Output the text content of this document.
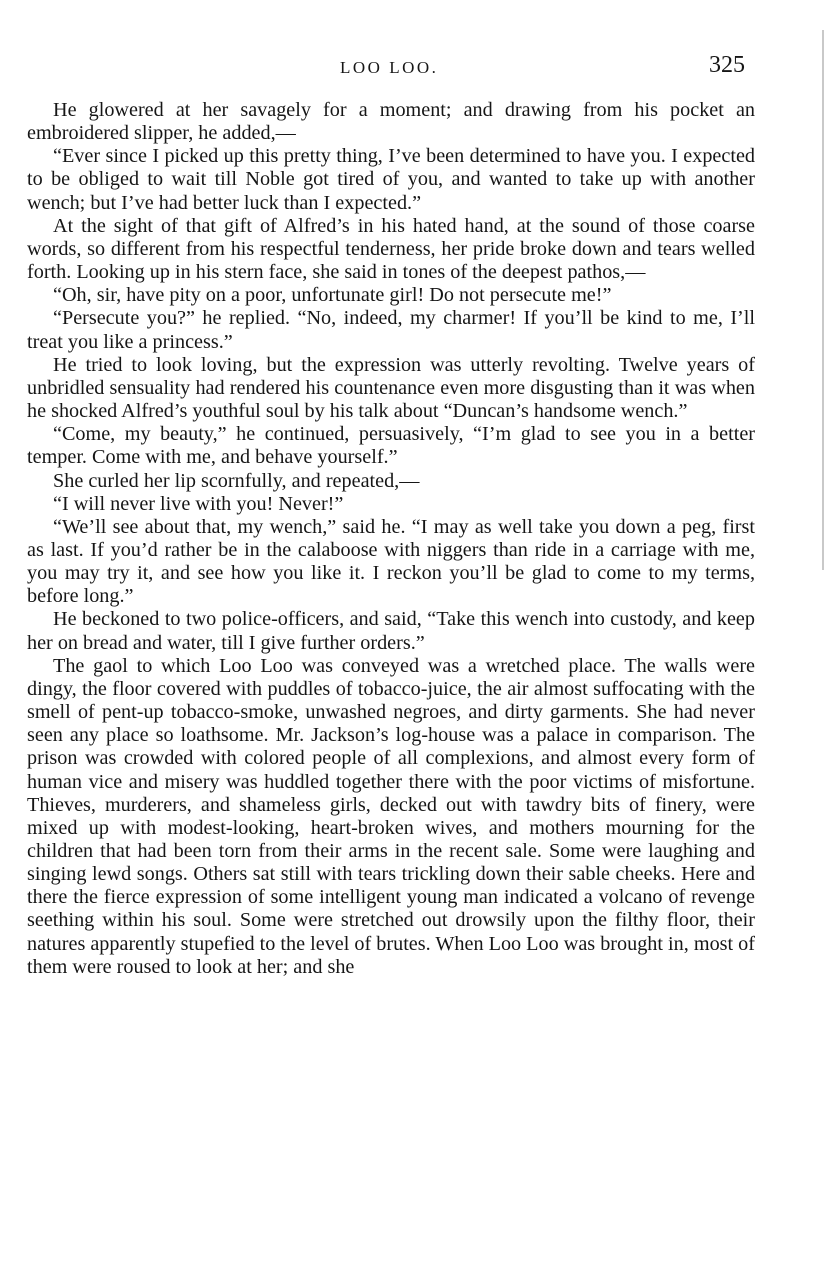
LOO LOO.	325

He glowered at her savagely for a moment; and drawing from his pocket an embroidered slipper, he added,—

“Ever since I picked up this pretty thing, I’ve been determined to have you. I expected to be obliged to wait till Noble got tired of you, and wanted to take up with another wench; but I’ve had better luck than I expected.”

At the sight of that gift of Alfred’s in his hated hand, at the sound of those coarse words, so different from his respectful tenderness, her pride broke down and tears welled forth. Looking up in his stern face, she said in tones of the deepest pathos,—

“Oh, sir, have pity on a poor, unfortunate girl! Do not persecute me!”

“Persecute you?” he replied. “No, indeed, my charmer! If you’ll be kind to me, I’ll treat you like a princess.”

He tried to look loving, but the expression was utterly revolting. Twelve years of unbridled sensuality had rendered his countenance even more disgusting than it was when he shocked Alfred’s youthful soul by his talk about “Duncan’s handsome wench.”

“Come, my beauty,” he continued, persuasively, “I’m glad to see you in a better temper. Come with me, and behave yourself.”

She curled her lip scornfully, and repeated,—

“I will never live with you! Never!”

“We’ll see about that, my wench,” said he. “I may as well take you down a peg, first as last. If you’d rather be in the calaboose with niggers than ride in a carriage with me, you may try it, and see how you like it. I reckon you’ll be glad to come to my terms, before long.”

He beckoned to two police-officers, and said, “Take this wench into custody, and keep her on bread and water, till I give further orders.”

The gaol to which Loo Loo was conveyed was a wretched place. The walls were dingy, the floor covered with puddles of tobacco-juice, the air almost suffocating with the smell of pent-up tobacco-smoke, unwashed negroes, and dirty garments. She had never seen any place so loathsome. Mr. Jackson’s log-house was a palace in comparison. The prison was crowded with colored people of all complexions, and almost every form of human vice and misery was huddled together there with the poor victims of misfortune. Thieves, murderers, and shameless girls, decked out with tawdry bits of finery, were mixed up with modest-looking, heart-broken wives, and mothers mourning for the children that had been torn from their arms in the recent sale. Some were laughing and singing lewd songs. Others sat still with tears trickling down their sable cheeks. Here and there the fierce expression of some intelligent young man indicated a volcano of revenge seething within his soul. Some were stretched out drowsily upon the filthy floor, their natures apparently stupefied to the level of brutes. When Loo Loo was brought in, most of them were roused to look at her; and she
